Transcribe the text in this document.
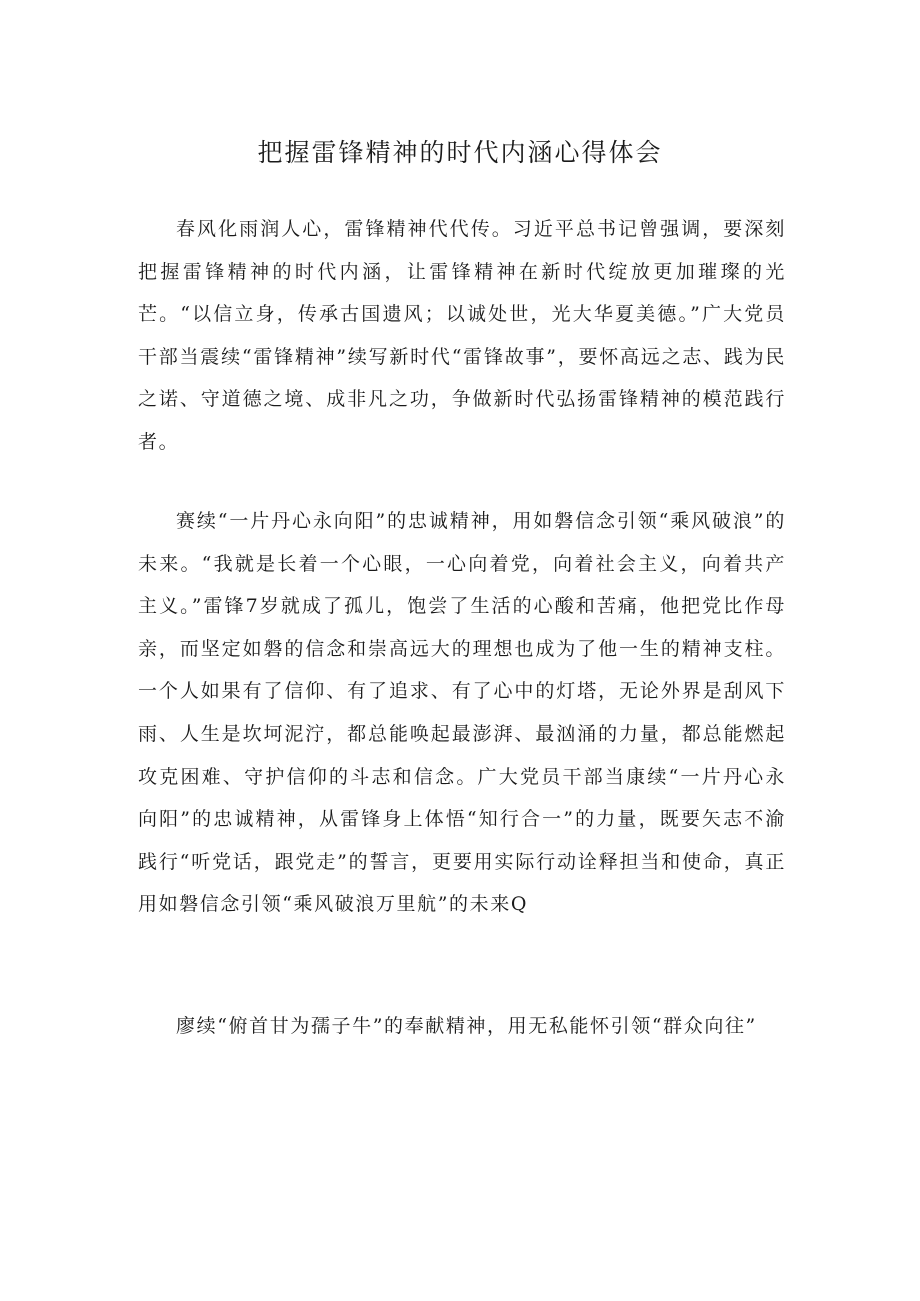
把握雷锋精神的时代内涵心得体会

春风化雨润人心，雷锋精神代代传。习近平总书记曾强调，要深刻把握雷锋精神的时代内涵，让雷锋精神在新时代绽放更加璀璨的光芒。“以信立身，传承古国遗风；以诚处世，光大华夏美德。”广大党员干部当震续“雷锋精神”续写新时代“雷锋故事”，要怀高远之志、践为民之诺、守道德之境、成非凡之功，争做新时代弘扬雷锋精神的模范践行者。

赛续“一片丹心永向阳”的忠诚精神，用如磐信念引领“乘风破浪”的未来。“我就是长着一个心眼，一心向着党，向着社会主义，向着共产主义。”雷锋7岁就成了孤儿，饱尝了生活的心酸和苦痛，他把党比作母亲，而坚定如磐的信念和崇高远大的理想也成为了他一生的精神支柱。一个人如果有了信仰、有了追求、有了心中的灯塔，无论外界是刮风下雨、人生是坎坷泥泞，都总能唤起最澎湃、最汹涌的力量，都总能燃起攻克困难、守护信仰的斗志和信念。广大党员干部当康续“一片丹心永向阳”的忠诚精神，从雷锋身上体悟“知行合一”的力量，既要矢志不渝践行“听党话，跟党走”的誓言，更要用实际行动诠释担当和使命，真正用如磐信念引领“乘风破浪万里航”的未来Q

廖续“俯首甘为孺子牛”的奉献精神，用无私能怀引领“群众向往”
